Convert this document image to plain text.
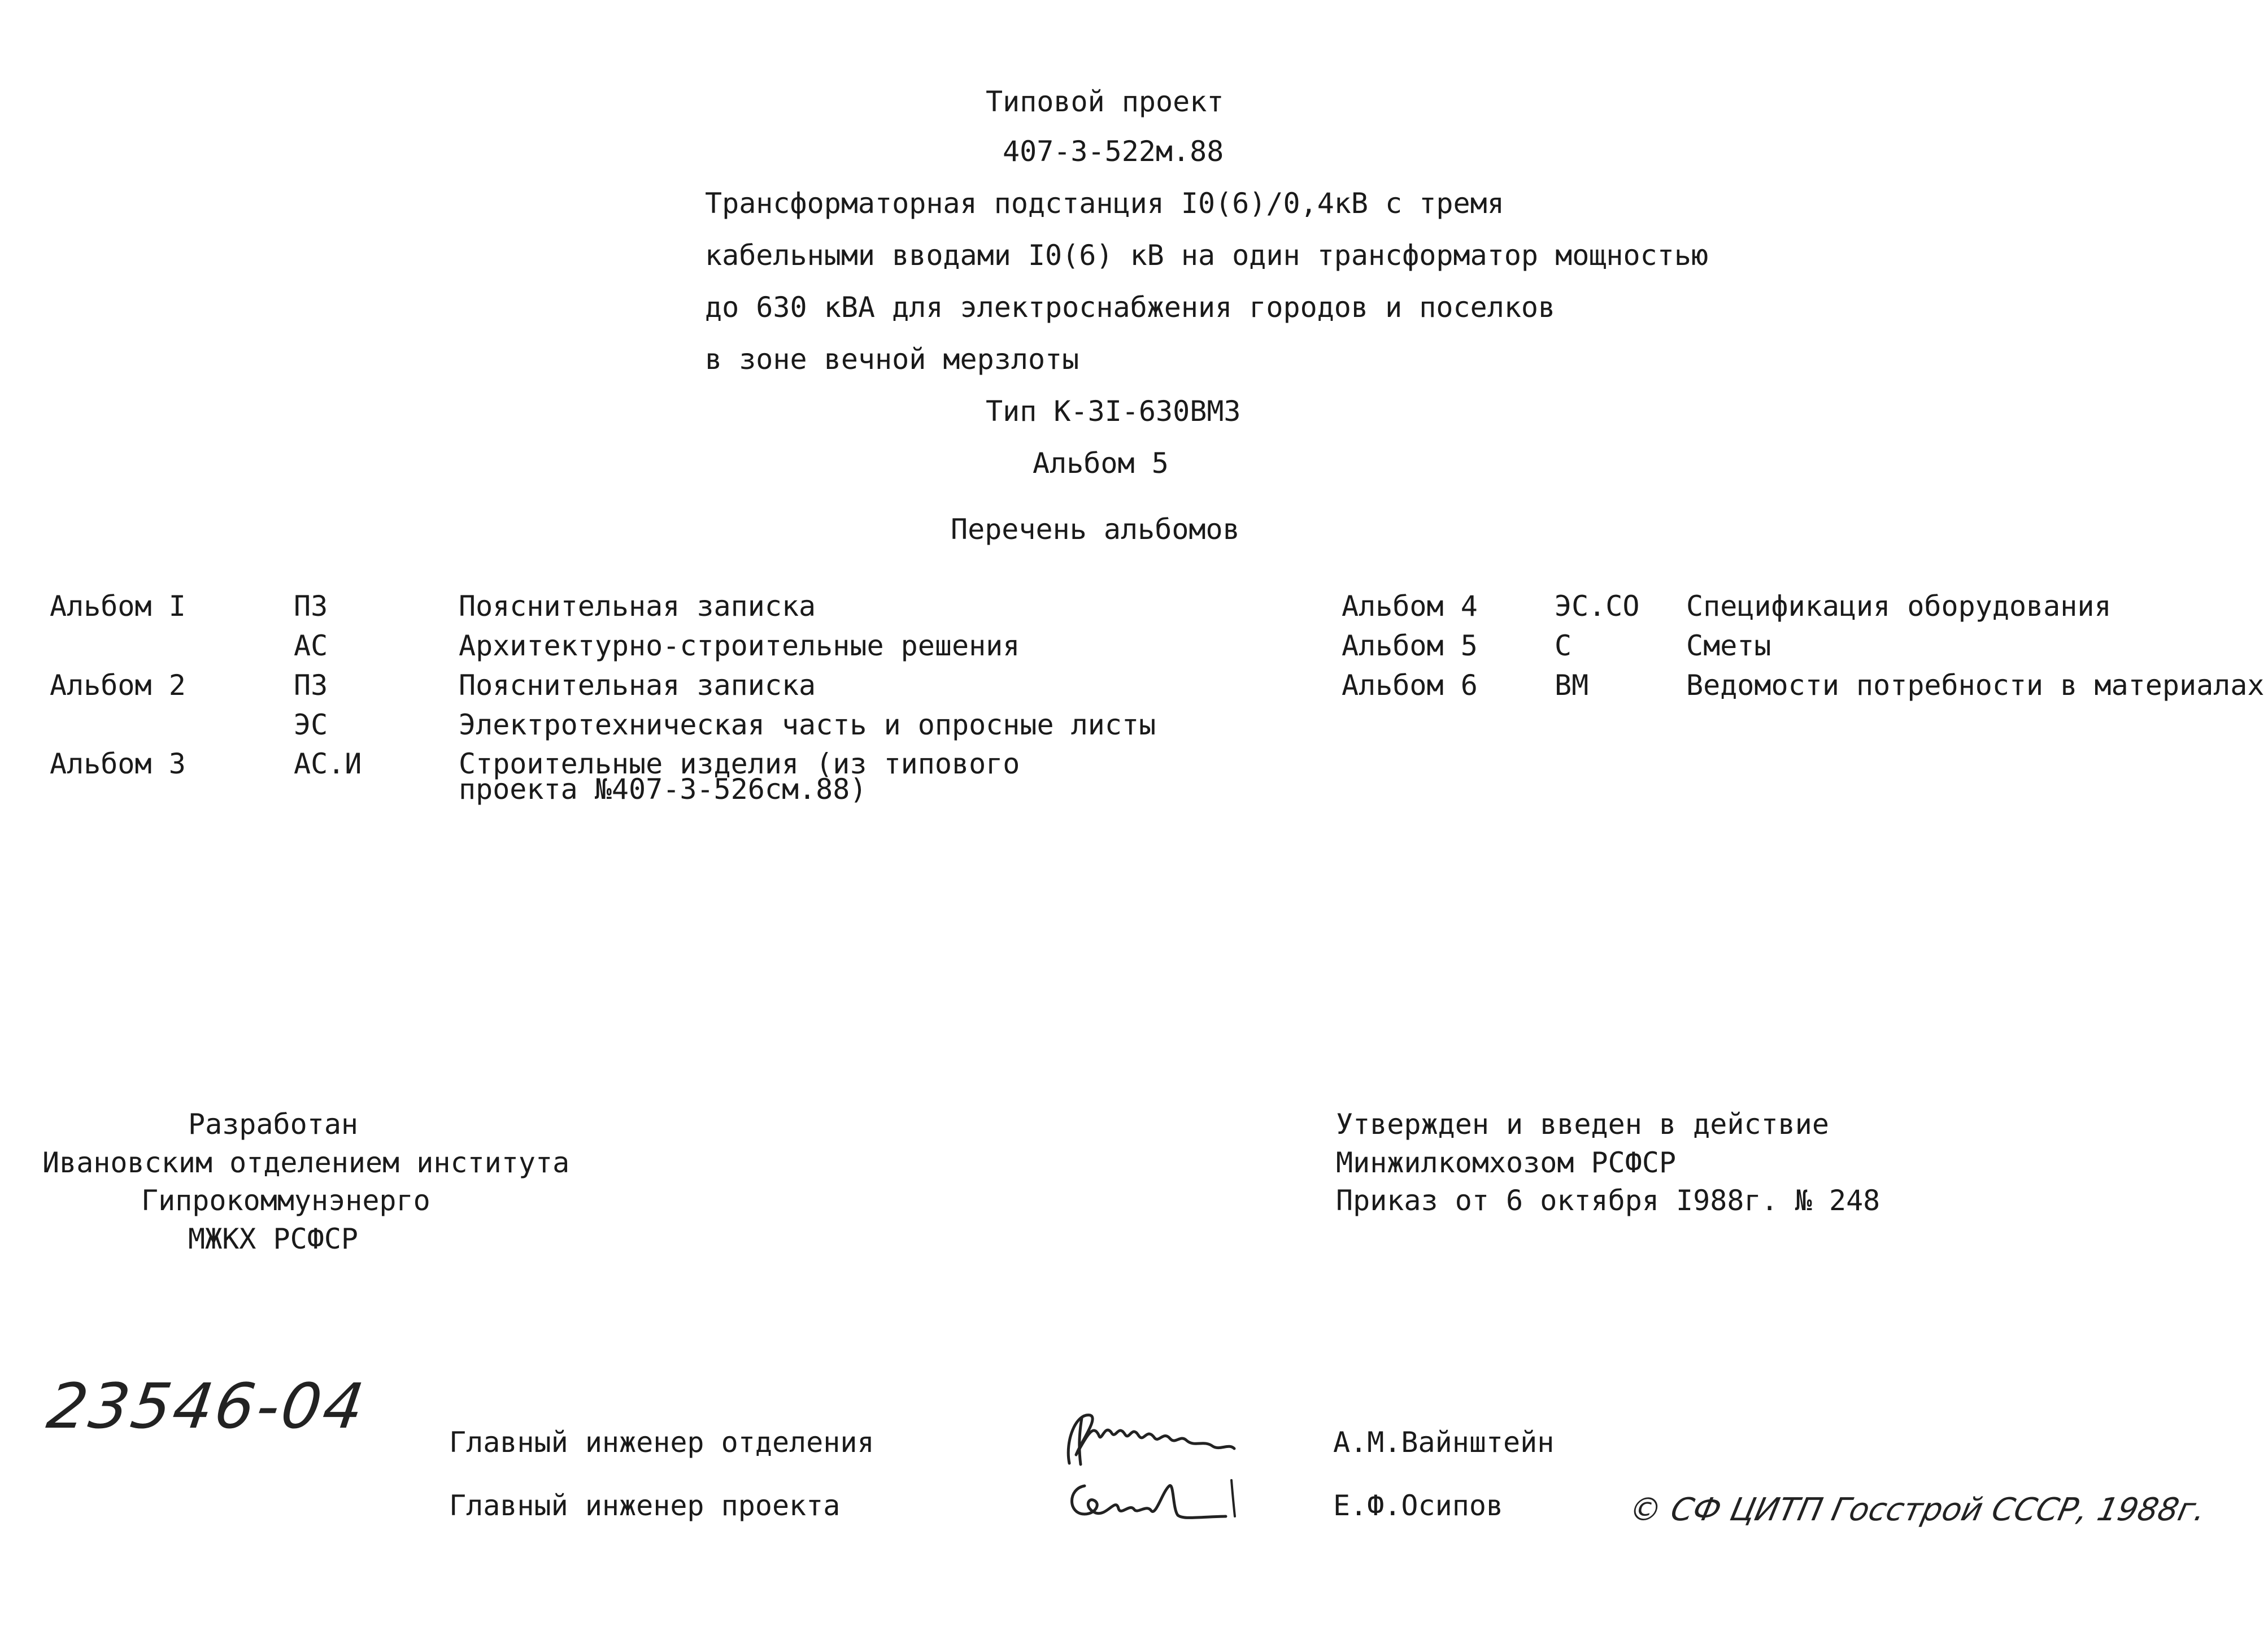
Типовой проект
407-3-522м.88
Трансформаторная подстанция I0(6)/0,4кВ с тремя
кабельными вводами I0(6) кВ на один трансформатор мощностью
до 630 кВА для электроснабжения городов и поселков
в зоне вечной мерзлоты
Тип К-3I-630ВМЗ
Альбом 5
Перечень альбомов
Альбом I	ПЗ	Пояснительная записка
АС	Архитектурно-строительные решения
Альбом 2	ПЗ	Пояснительная записка
ЭС	Электротехническая часть и опросные листы
Альбом 3	АС.И	Строительные изделия (из типового
проекта №407-3-526см.88)
Альбом 4	ЭС.СО Спецификация оборудования
Альбом 5	С	Сметы
Альбом 6	ВМ	Ведомости потребности в материалах
Разработан
Ивановским отделением института
Гипрокоммунэнерго
МЖКХ РСФСР
Утвержден и введен в действие
Минжилкомхозом РСФСР
Приказ от 6 октября I988г. № 248
23546-04	Главный инженер отделения
Главный инженер проекта
А.М.Вайнштейн
Е.Ф.Осипов	© СФ ЦИТП Госстрой СССР, 1988г.
